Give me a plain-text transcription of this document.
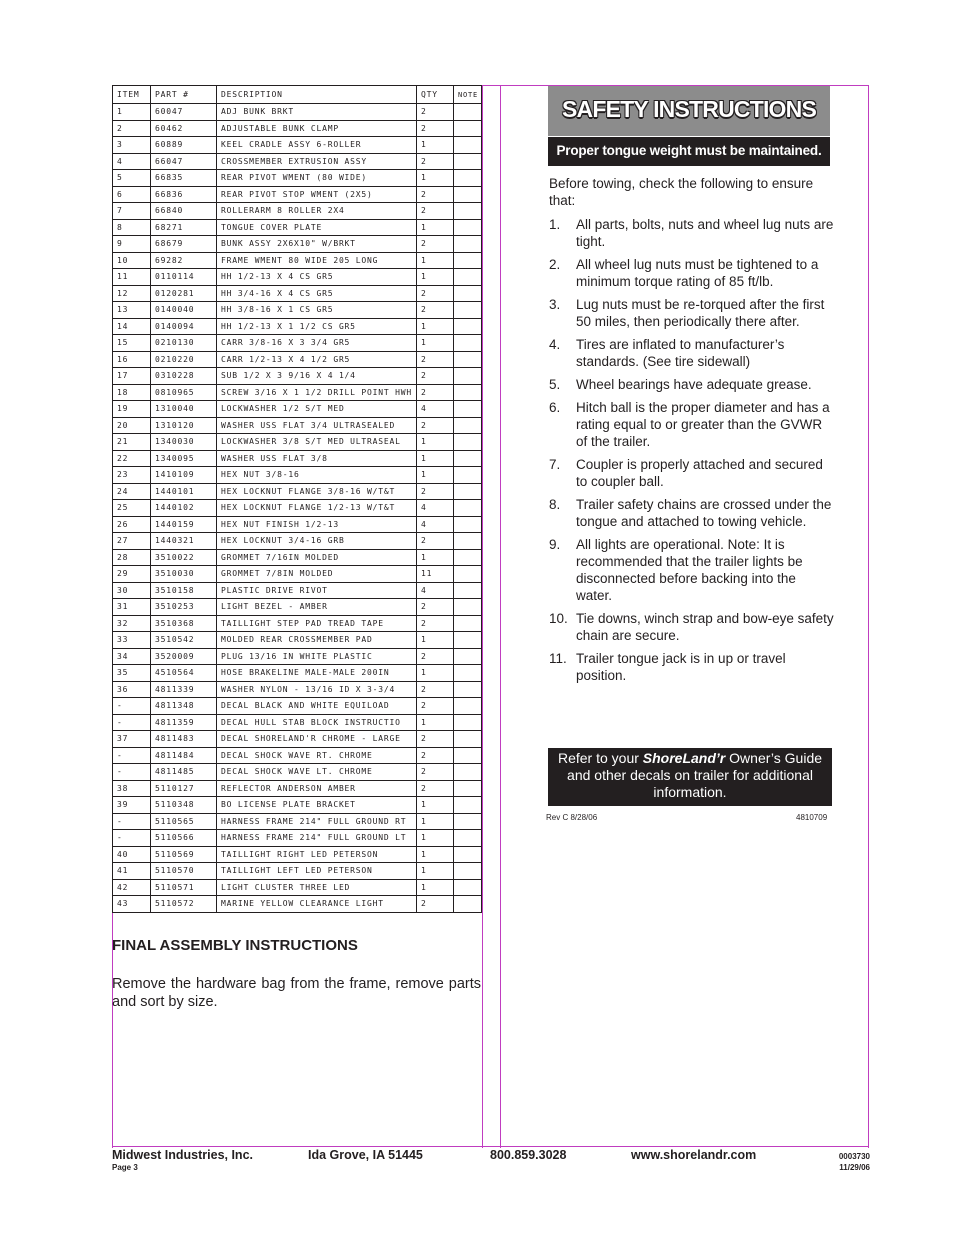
ITEM	PART #	DESCRIPTION	QTY	NOTE
1	60047	ADJ BUNK BRKT	2	
2	60462	ADJUSTABLE BUNK CLAMP	2	
3	60889	KEEL CRADLE ASSY 6-ROLLER	1	
4	66047	CROSSMEMBER EXTRUSION ASSY	2	
5	66835	REAR PIVOT WMENT (80 WIDE)	1	
6	66836	REAR PIVOT STOP WMENT (2X5)	2	
7	66840	ROLLERARM 8 ROLLER 2X4	2	
8	68271	TONGUE COVER PLATE	1	
9	68679	BUNK ASSY 2X6X10" W/BRKT	2	
10	69282	FRAME WMENT 80 WIDE 205 LONG	1	
11	0110114	HH 1/2-13 X 4 CS GR5	1	
12	0120281	HH 3/4-16 X 4 CS GR5	2	
13	0140040	HH 3/8-16 X 1 CS GR5	2	
14	0140094	HH 1/2-13 X 1 1/2 CS GR5	1	
15	0210130	CARR 3/8-16 X 3 3/4 GR5	1	
16	0210220	CARR 1/2-13 X 4 1/2 GR5	2	
17	0310228	SUB 1/2 X 3 9/16 X 4 1/4	2	
18	0810965	SCREW 3/16 X 1 1/2 DRILL POINT HWH	2	
19	1310040	LOCKWASHER 1/2 S/T MED	4	
20	1310120	WASHER USS FLAT 3/4 ULTRASEALED	2	
21	1340030	LOCKWASHER 3/8 S/T MED ULTRASEAL	1	
22	1340095	WASHER USS FLAT 3/8	1	
23	1410109	HEX NUT 3/8-16	1	
24	1440101	HEX LOCKNUT FLANGE 3/8-16 W/T&T	2	
25	1440102	HEX LOCKNUT FLANGE 1/2-13 W/T&T	4	
26	1440159	HEX NUT FINISH 1/2-13	4	
27	1440321	HEX LOCKNUT 3/4-16 GRB	2	
28	3510022	GROMMET 7/16IN MOLDED	1	
29	3510030	GROMMET 7/8IN MOLDED	11	
30	3510158	PLASTIC DRIVE RIVOT	4	
31	3510253	LIGHT BEZEL - AMBER	2	
32	3510368	TAILLIGHT STEP PAD TREAD TAPE	2	
33	3510542	MOLDED REAR CROSSMEMBER PAD	1	
34	3520009	PLUG 13/16 IN WHITE PLASTIC	2	
35	4510564	HOSE BRAKELINE MALE-MALE 200IN	1	
36	4811339	WASHER NYLON - 13/16 ID X 3-3/4	2	
-	4811348	DECAL BLACK AND WHITE EQUILOAD	2	
-	4811359	DECAL HULL STAB BLOCK INSTRUCTIO	1	
37	4811483	DECAL SHORELAND'R CHROME - LARGE	2	
-	4811484	DECAL SHOCK WAVE RT. CHROME	2	
-	4811485	DECAL SHOCK WAVE LT. CHROME	2	
38	5110127	REFLECTOR ANDERSON AMBER	2	
39	5110348	BO LICENSE PLATE BRACKET	1	
-	5110565	HARNESS FRAME 214" FULL GROUND RT	1	
-	5110566	HARNESS FRAME 214" FULL GROUND LT	1	
40	5110569	TAILLIGHT RIGHT LED PETERSON	1	
41	5110570	TAILLIGHT LEFT LED PETERSON	1	
42	5110571	LIGHT CLUSTER THREE LED	1	
43	5110572	MARINE YELLOW CLEARANCE LIGHT	2	
FINAL ASSEMBLY INSTRUCTIONS

Remove the hardware bag from the frame, remove parts and sort by size.

SAFETY INSTRUCTIONS
Proper tongue weight must be maintained.

Before towing, check the following to ensure that:

1. All parts, bolts, nuts and wheel lug nuts are tight.
2. All wheel lug nuts must be tightened to a minimum torque rating of 85 ft/lb.
3. Lug nuts must be re-torqued after the first 50 miles, then periodically there after.
4. Tires are inflated to manufacturer’s standards. (See tire sidewall)
5. Wheel bearings have adequate grease.
6. Hitch ball is the proper diameter and has a rating equal to or greater than the GVWR of the trailer.
7. Coupler is properly attached and secured to coupler ball.
8. Trailer safety chains are crossed under the tongue and attached to towing vehicle.
9. All lights are operational. Note: It is recommended that the trailer lights be disconnected before backing into the water.
10. Tie downs, winch strap and bow-eye safety chain are secure.
11. Trailer tongue jack is in up or travel position.
Refer to your ShoreLand’r Owner’s Guide and other decals on trailer for additional information.
Rev C 8/28/06	4810709
Midwest Industries, Inc.	Ida Grove, IA 51445	800.859.3028	www.shorelandr.com
Page 3
0003730
11/29/06
